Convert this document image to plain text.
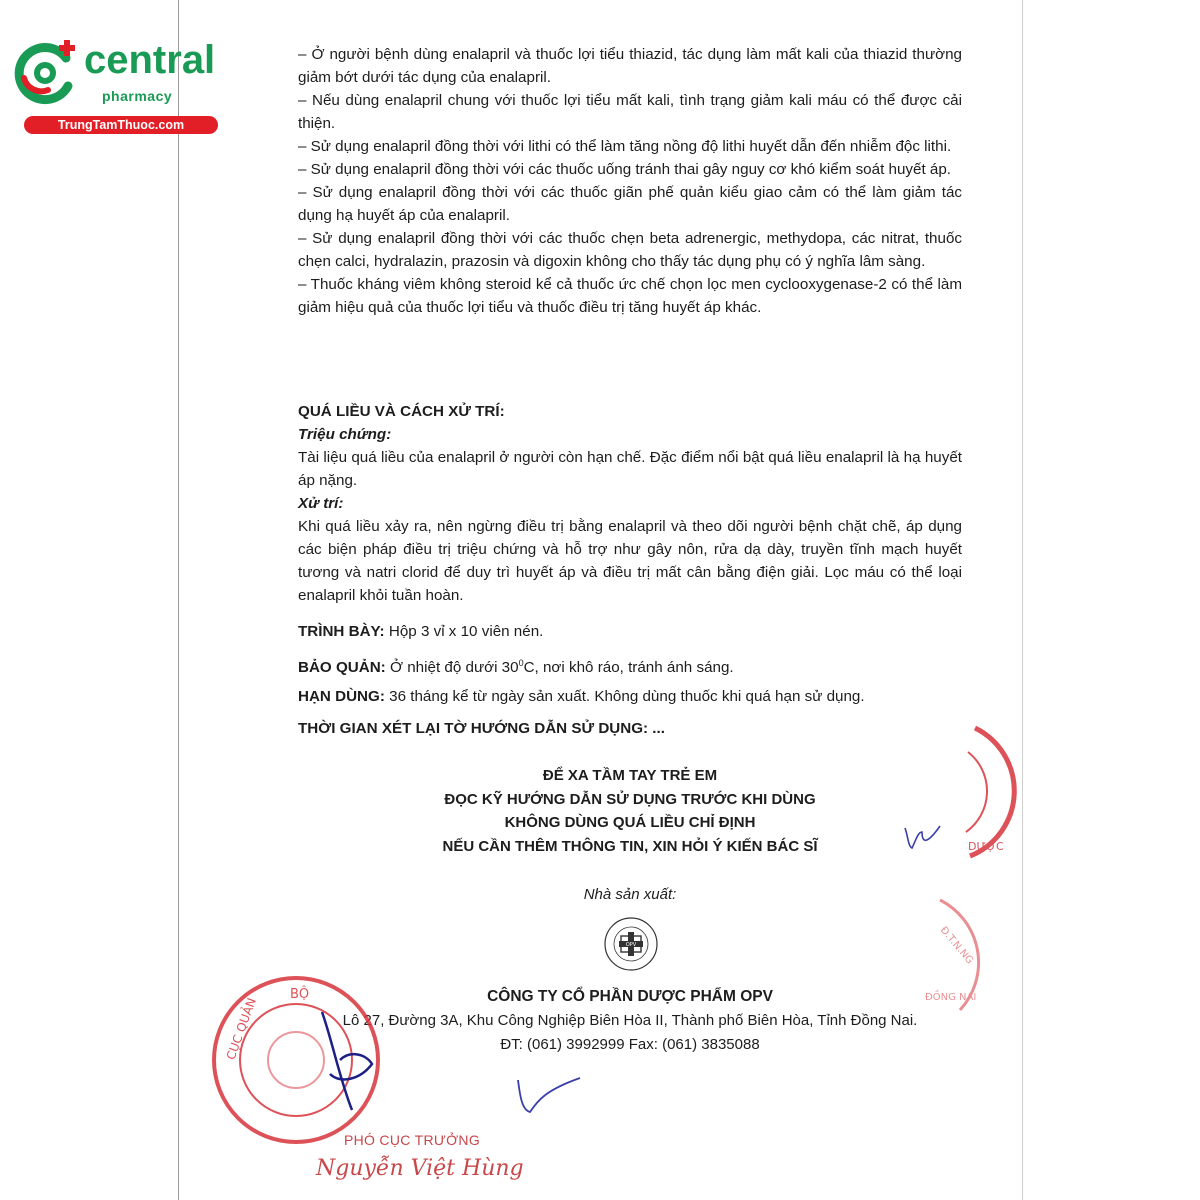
central
pharmacy
TrungTamThuoc.com

– Ở người bệnh dùng enalapril và thuốc lợi tiểu thiazid, tác dụng làm mất kali của thiazid thường giảm bớt dưới tác dụng của enalapril.

– Nếu dùng enalapril chung với thuốc lợi tiểu mất kali, tình trạng giảm kali máu có thể được cải thiện.

– Sử dụng enalapril đồng thời với lithi có thể làm tăng nồng độ lithi huyết dẫn đến nhiễm độc lithi.

– Sử dụng enalapril đồng thời với các thuốc uống tránh thai gây nguy cơ khó kiểm soát huyết áp.

– Sử dụng enalapril đồng thời với các thuốc giãn phế quản kiểu giao cảm có thể làm giảm tác dụng hạ huyết áp của enalapril.

– Sử dụng enalapril đồng thời với các thuốc chẹn beta adrenergic, methydopa, các nitrat, thuốc chẹn calci, hydralazin, prazosin và digoxin không cho thấy tác dụng phụ có ý nghĩa lâm sàng.

– Thuốc kháng viêm không steroid kể cả thuốc ức chế chọn lọc men cyclooxygenase-2 có thể làm giảm hiệu quả của thuốc lợi tiểu và thuốc điều trị tăng huyết áp khác.

QUÁ LIỀU VÀ CÁCH XỬ TRÍ:

Triệu chứng:

Tài liệu quá liều của enalapril ở người còn hạn chế. Đặc điểm nổi bật quá liều enalapril là hạ huyết áp nặng.

Xử trí:

Khi quá liều xảy ra, nên ngừng điều trị bằng enalapril và theo dõi người bệnh chặt chẽ, áp dụng các biện pháp điều trị triệu chứng và hỗ trợ như gây nôn, rửa dạ dày, truyền tĩnh mạch huyết tương và natri clorid để duy trì huyết áp và điều trị mất cân bằng điện giải. Lọc máu có thể loại enalapril khỏi tuần hoàn.

TRÌNH BÀY: Hộp 3 vỉ x 10 viên nén.

BẢO QUẢN: Ở nhiệt độ dưới $30^0C$, nơi khô ráo, tránh ánh sáng.

HẠN DÙNG: 36 tháng kể từ ngày sản xuất. Không dùng thuốc khi quá hạn sử dụng.

THỜI GIAN XÉT LẠI TỜ HƯỚNG DẪN SỬ DỤNG: ...

ĐỂ XA TẦM TAY TRẺ EM
ĐỌC KỸ HƯỚNG DẪN SỬ DỤNG TRƯỚC KHI DÙNG
KHÔNG DÙNG QUÁ LIỀU CHỈ ĐỊNH
NẾU CẦN THÊM THÔNG TIN, XIN HỎI Ý KIẾN BÁC SĨ
Nhà sản xuất:
OPV
CÔNG TY CỔ PHẦN DƯỢC PHẨM OPV
Lô 27, Đường 3A, Khu Công Nghiệp Biên Hòa II, Thành phố Biên Hòa, Tỉnh Đồng Nai.
ĐT: (061) 3992999 Fax: (061) 3835088
BỘ
CỤC QUẢN
DƯỢC
Đ.T.N.NG
ĐỒNG NAI
PHÓ CỤC TRƯỞNG
Nguyễn Việt Hùng
